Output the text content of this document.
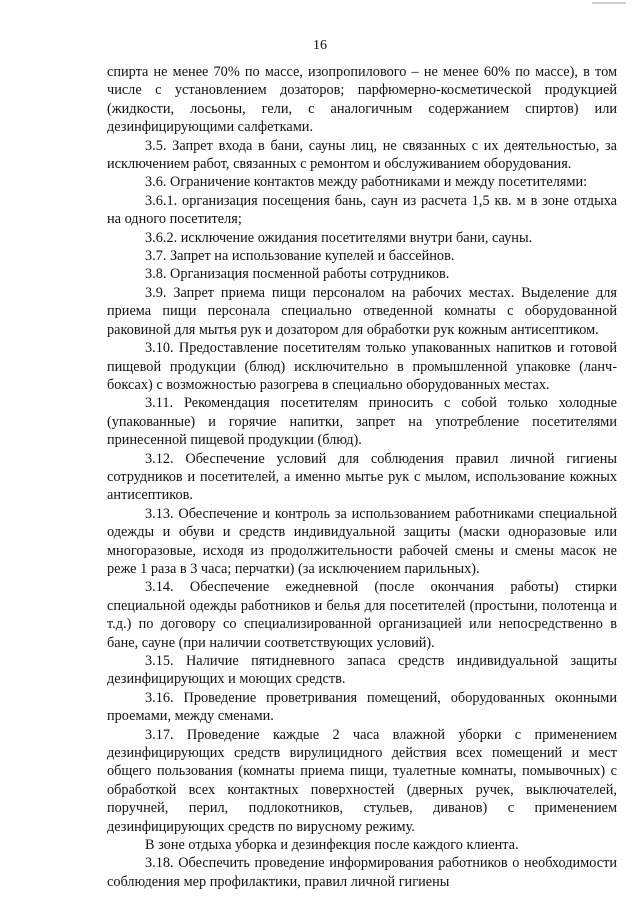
16

спирта не менее 70% по массе, изопропилового – не менее 60% по массе), в том числе с установлением дозаторов; парфюмерно-косметической продукцией (жидкости, лосьоны, гели, с аналогичным содержанием спиртов) или дезинфицирующими салфетками.

3.5. Запрет входа в бани, сауны лиц, не связанных с их деятельностью, за исключением работ, связанных с ремонтом и обслуживанием оборудования.

3.6. Ограничение контактов между работниками и между посетителями:

3.6.1. организация посещения бань, саун из расчета 1,5 кв. м в зоне отдыха на одного посетителя;

3.6.2. исключение ожидания посетителями внутри бани, сауны.

3.7. Запрет на использование купелей и бассейнов.

3.8. Организация посменной работы сотрудников.

3.9. Запрет приема пищи персоналом на рабочих местах. Выделение для приема пищи персонала специально отведенной комнаты с оборудованной раковиной для мытья рук и дозатором для обработки рук кожным антисептиком.

3.10. Предоставление посетителям только упакованных напитков и готовой пищевой продукции (блюд) исключительно в промышленной упаковке (ланч-боксах) с возможностью разогрева в специально оборудованных местах.

3.11. Рекомендация посетителям приносить с собой только холодные (упакованные) и горячие напитки, запрет на употребление посетителями принесенной пищевой продукции (блюд).

3.12. Обеспечение условий для соблюдения правил личной гигиены сотрудников и посетителей, а именно мытье рук с мылом, использование кожных антисептиков.

3.13. Обеспечение и контроль за использованием работниками специальной одежды и обуви и средств индивидуальной защиты (маски одноразовые или многоразовые, исходя из продолжительности рабочей смены и смены масок не реже 1 раза в 3 часа; перчатки) (за исключением парильных).

3.14. Обеспечение ежедневной (после окончания работы) стирки специальной одежды работников и белья для посетителей (простыни, полотенца и т.д.) по договору со специализированной организацией или непосредственно в бане, сауне (при наличии соответствующих условий).

3.15. Наличие пятидневного запаса средств индивидуальной защиты дезинфицирующих и моющих средств.

3.16. Проведение проветривания помещений, оборудованных оконными проемами, между сменами.

3.17. Проведение каждые 2 часа влажной уборки с применением дезинфицирующих средств вирулицидного действия всех помещений и мест общего пользования (комнаты приема пищи, туалетные комнаты, помывочных) с обработкой всех контактных поверхностей (дверных ручек, выключателей, поручней, перил, подлокотников, стульев, диванов) с применением дезинфицирующих средств по вирусному режиму.

В зоне отдыха уборка и дезинфекция после каждого клиента.

3.18. Обеспечить проведение информирования работников о необходимости соблюдения мер профилактики, правил личной гигиены
